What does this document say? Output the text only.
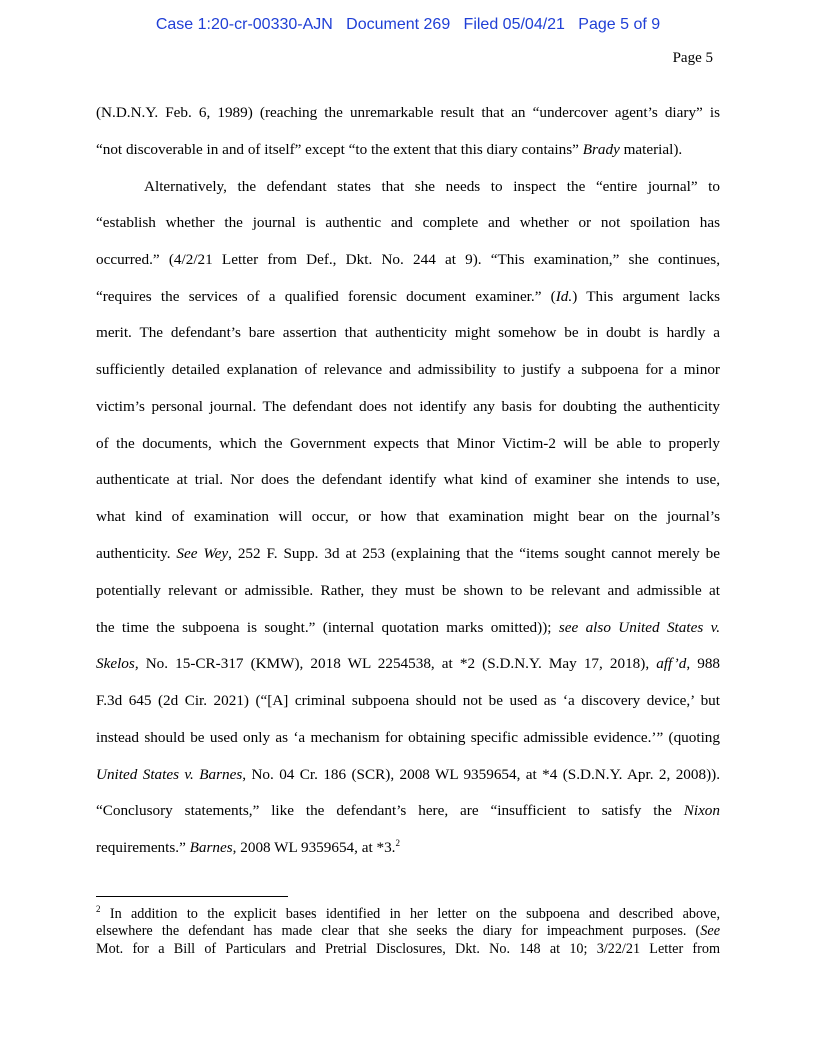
Case 1:20-cr-00330-AJN   Document 269   Filed 05/04/21   Page 5 of 9
Page 5
(N.D.N.Y. Feb. 6, 1989) (reaching the unremarkable result that an “undercover agent’s diary” is
“not discoverable in and of itself” except “to the extent that this diary contains” Brady material).
Alternatively, the defendant states that she needs to inspect the “entire journal” to
“establish whether the journal is authentic and complete and whether or not spoilation has
occurred.” (4/2/21 Letter from Def., Dkt. No. 244 at 9). “This examination,” she continues,
“requires the services of a qualified forensic document examiner.” (Id.) This argument lacks
merit. The defendant’s bare assertion that authenticity might somehow be in doubt is hardly a
sufficiently detailed explanation of relevance and admissibility to justify a subpoena for a minor
victim’s personal journal. The defendant does not identify any basis for doubting the authenticity
of the documents, which the Government expects that Minor Victim-2 will be able to properly
authenticate at trial. Nor does the defendant identify what kind of examiner she intends to use,
what kind of examination will occur, or how that examination might bear on the journal’s
authenticity. See Wey, 252 F. Supp. 3d at 253 (explaining that the “items sought cannot merely be
potentially relevant or admissible. Rather, they must be shown to be relevant and admissible at
the time the subpoena is sought.” (internal quotation marks omitted)); see also United States v.
Skelos, No. 15-CR-317 (KMW), 2018 WL 2254538, at *2 (S.D.N.Y. May 17, 2018), aff’d, 988
F.3d 645 (2d Cir. 2021) (“[A] criminal subpoena should not be used as ‘a discovery device,’ but
instead should be used only as ‘a mechanism for obtaining specific admissible evidence.’” (quoting
United States v. Barnes, No. 04 Cr. 186 (SCR), 2008 WL 9359654, at *4 (S.D.N.Y. Apr. 2, 2008)).
“Conclusory statements,” like the defendant’s here, are “insufficient to satisfy the Nixon
requirements.” Barnes, 2008 WL 9359654, at *3.$^2$
$^2$ In addition to the explicit bases identified in her letter on the subpoena and described above,
elsewhere the defendant has made clear that she seeks the diary for impeachment purposes. (See
Mot. for a Bill of Particulars and Pretrial Disclosures, Dkt. No. 148 at 10; 3/22/21 Letter from
